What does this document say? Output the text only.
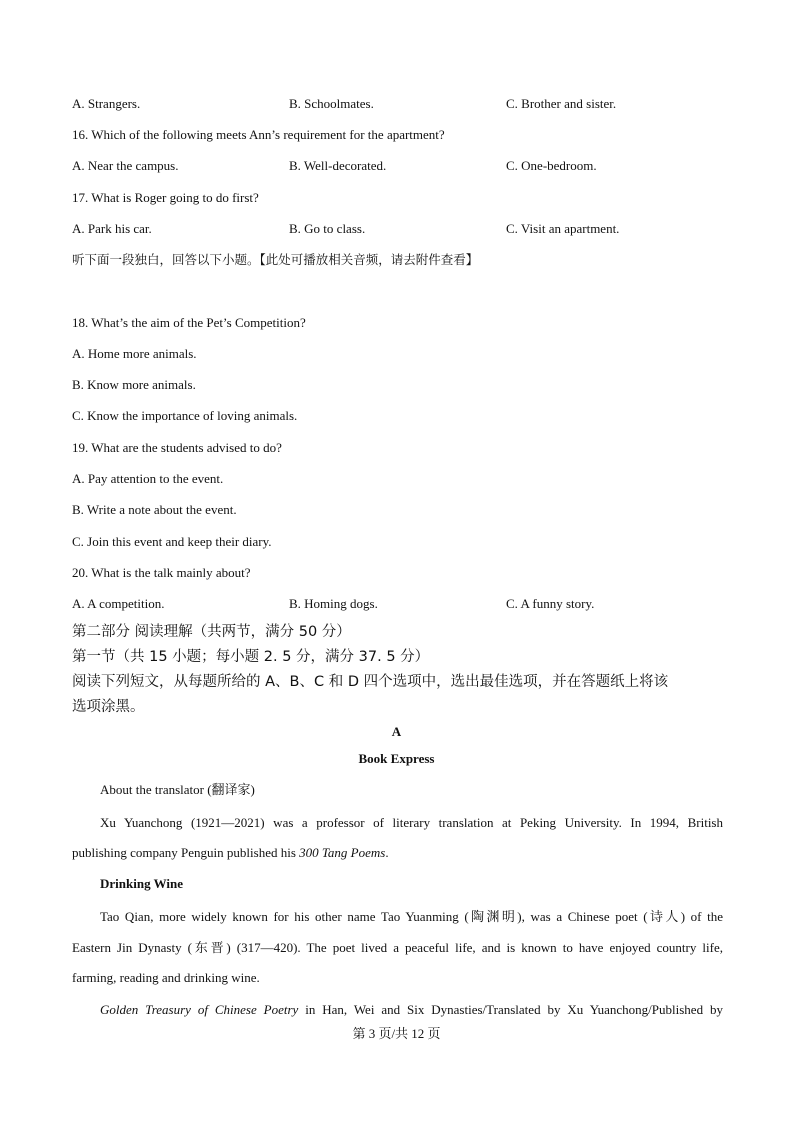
A. Strangers.	B. Schoolmates.	C. Brother and sister.
16. Which of the following meets Ann’s requirement for the apartment?
A. Near the campus.	B. Well-decorated.	C. One-bedroom.
17. What is Roger going to do first?
A. Park his car.	B. Go to class.	C. Visit an apartment.
听下面一段独白，回答以下小题。【此处可播放相关音频，请去附件查看】
18. What’s the aim of the Pet’s Competition?
A. Home more animals.
B. Know more animals.
C. Know the importance of loving animals.
19. What are the students advised to do?
A. Pay attention to the event.
B. Write a note about the event.
C. Join this event and keep their diary.
20. What is the talk mainly about?
A. A competition.	B. Homing dogs.	C. A funny story.
第二部分 阅读理解（共两节，满分 50 分）
第一节（共 15 小题；每小题 2. 5 分，满分 37. 5 分）
阅读下列短文，从每题所给的 A、B、C 和 D 四个选项中，选出最佳选项，并在答题纸上将该
选项涂黑。
A
Book Express
About the translator (翻译家)
Xu Yuanchong (1921—2021) was a professor of literary translation at Peking University. In 1994, British
publishing company Penguin published his 300 Tang Poems.
Drinking Wine
Tao Qian, more widely known for his other name Tao Yuanming (陶渊明), was a Chinese poet (诗人) of the
Eastern Jin Dynasty (东晋) (317—420). The poet lived a peaceful life, and is known to have enjoyed country life,
farming, reading and drinking wine.
Golden Treasury of Chinese Poetry in Han, Wei and Six Dynasties/Translated by Xu Yuanchong/Published by
第 3 页/共 12 页
